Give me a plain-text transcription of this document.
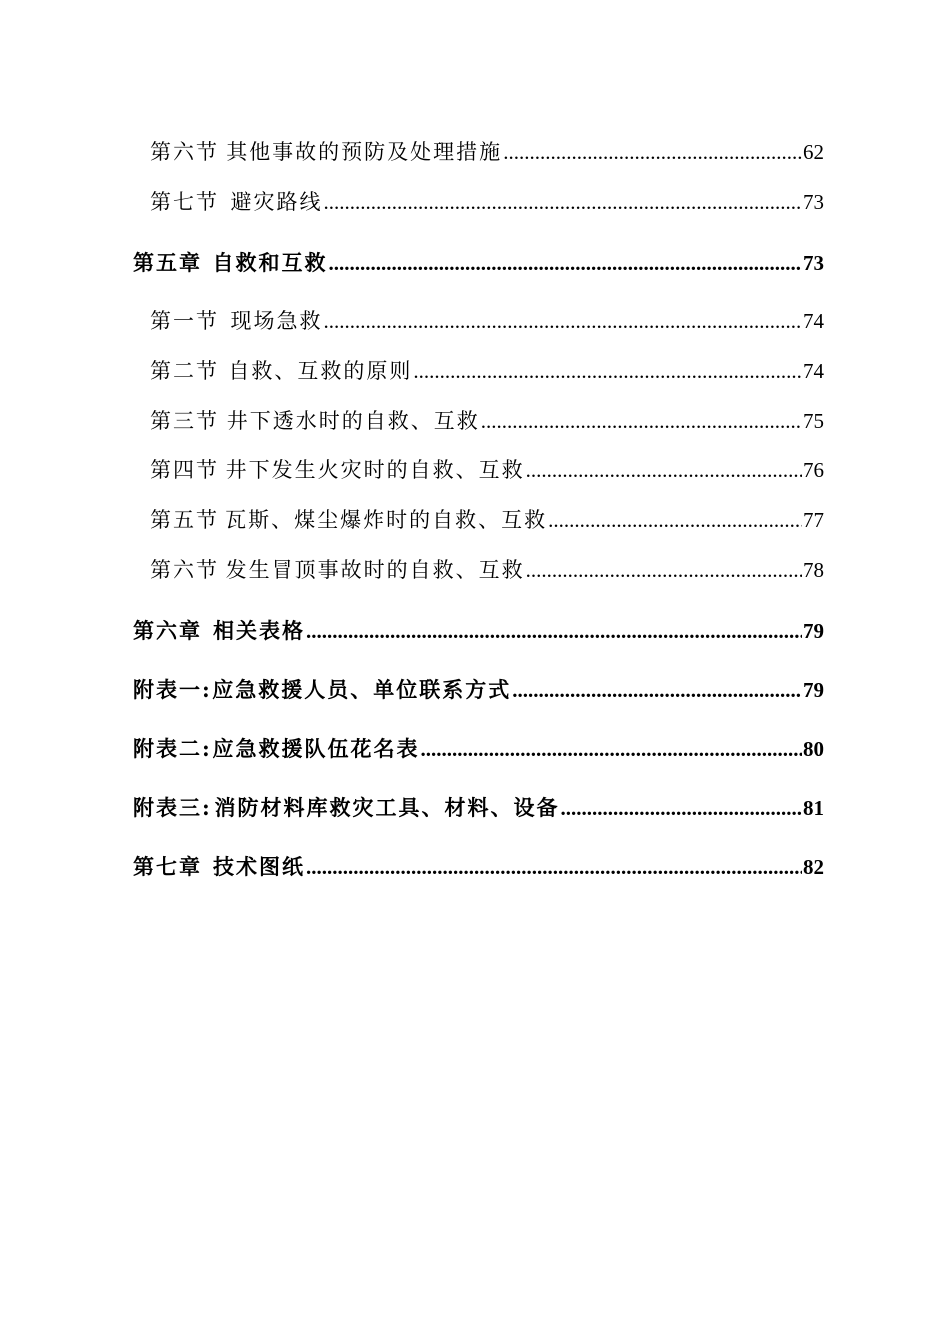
第六节 其他事故的预防及处理措施 .....	62
第七节 避灾路线 .....	73
第五章 自救和互救 .....	73
第一节 现场急救 .....	74
第二节 自救、互救的原则 .....	74
第三节 井下透水时的自救、互救 .....	75
第四节 井下发生火灾时的自救、互救 .....	76
第五节 瓦斯、煤尘爆炸时的自救、互救 .....	77
第六节 发生冒顶事故时的自救、互救 .....	78
第六章 相关表格 .....	79
附表一: 应急救援人员、单位联系方式 .....	79
附表二: 应急救援队伍花名表 .....	80
附表三: 消防材料库救灾工具、材料、设备 .....	81
第七章 技术图纸 .....	82
